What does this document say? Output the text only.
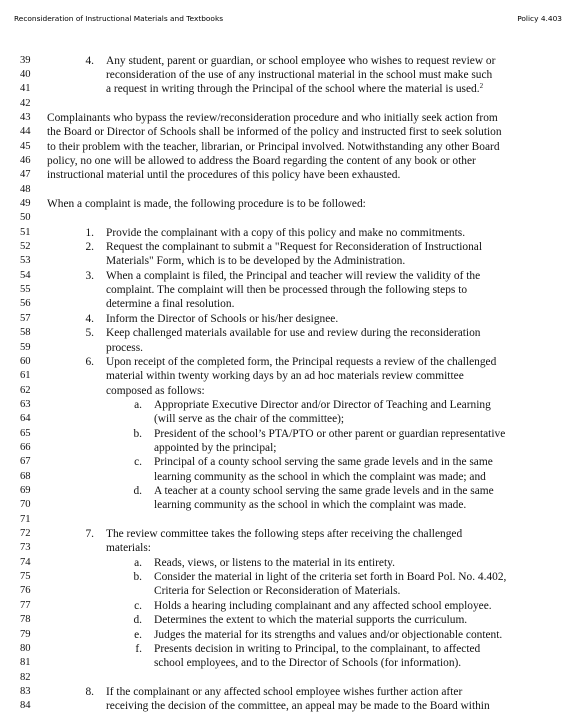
Reconsideration of Instructional Materials and Textbooks	Policy 4.403
39	4. Any student, parent or guardian, or school employee who wishes to request review or
40	reconsideration of the use of any instructional material in the school must make such
41	a request in writing through the Principal of the school where the material is used.$^2$
42
43	Complainants who bypass the review/reconsideration procedure and who initially seek action from
44	the Board or Director of Schools shall be informed of the policy and instructed first to seek solution
45	to their problem with the teacher, librarian, or Principal involved. Notwithstanding any other Board
46	policy, no one will be allowed to address the Board regarding the content of any book or other
47	instructional material until the procedures of this policy have been exhausted.
48
49	When a complaint is made, the following procedure is to be followed:
50
51	1. Provide the complainant with a copy of this policy and make no commitments.
52	2. Request the complainant to submit a "Request for Reconsideration of Instructional
53	Materials" Form, which is to be developed by the Administration.
54	3. When a complaint is filed, the Principal and teacher will review the validity of the
55	complaint. The complaint will then be processed through the following steps to
56	determine a final resolution.
57	4. Inform the Director of Schools or his/her designee.
58	5. Keep challenged materials available for use and review during the reconsideration
59	process.
60	6. Upon receipt of the completed form, the Principal requests a review of the challenged
61	material within twenty working days by an ad hoc materials review committee
62	composed as follows:
63	a. Appropriate Executive Director and/or Director of Teaching and Learning
64	(will serve as the chair of the committee);
65	b. President of the school’s PTA/PTO or other parent or guardian representative
66	appointed by the principal;
67	c. Principal of a county school serving the same grade levels and in the same
68	learning community as the school in which the complaint was made; and
69	d. A teacher at a county school serving the same grade levels and in the same
70	learning community as the school in which the complaint was made.
71
72	7. The review committee takes the following steps after receiving the challenged
73	materials:
74	a. Reads, views, or listens to the material in its entirety.
75	b. Consider the material in light of the criteria set forth in Board Pol. No. 4.402,
76	Criteria for Selection or Reconsideration of Materials.
77	c. Holds a hearing including complainant and any affected school employee.
78	d. Determines the extent to which the material supports the curriculum.
79	e. Judges the material for its strengths and values and/or objectionable content.
80	f. Presents decision in writing to Principal, to the complainant, to affected
81	school employees, and to the Director of Schools (for information).
82
83	8. If the complainant or any affected school employee wishes further action after
84	receiving the decision of the committee, an appeal may be made to the Board within
